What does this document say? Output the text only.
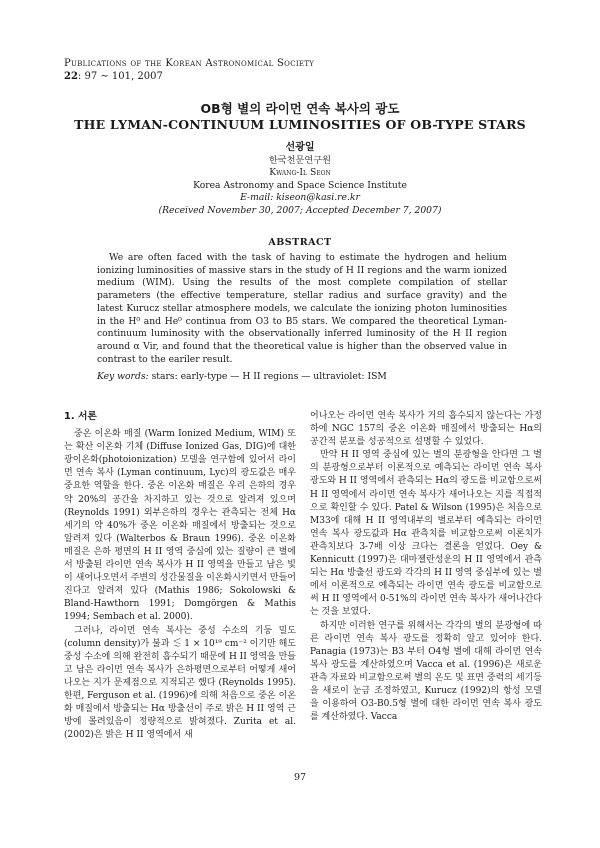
Publications of the Korean Astronomical Society
22: 97 ∼ 101, 2007
OB형 별의 라이먼 연속 복사의 광도
THE LYMAN-CONTINUUM LUMINOSITIES OF OB-TYPE STARS
선광일
한국천문연구원
Kwang-Il Seon
Korea Astronomy and Space Science Institute
E-mail: kiseon@kasi.re.kr
(Received November 30, 2007; Accepted December 7, 2007)
ABSTRACT

We are often faced with the task of having to estimate the hydrogen and helium ionizing luminosities of massive stars in the study of H II regions and the warm ionized medium (WIM). Using the results of the most complete compilation of stellar parameters (the effective temperature, stellar radius and surface gravity) and the latest Kurucz stellar atmosphere models, we calculate the ionizing photon luminosities in the H⁰ and He⁰ continua from O3 to B5 stars. We compared the theoretical Lyman-continuum luminosity with the observationally inferred luminosity of the H II region around α Vir, and found that the theoretical value is higher than the observed value in contrast to the eariler result.

Key words: stars: early-type — H II regions — ultraviolet: ISM
1. 서론

중온 이온화 매질 (Warm Ionized Medium, WIM) 또는 확산 이온화 기체 (Diffuse Ionized Gas, DIG)에 대한 광이온화(photoionization) 모델을 연구함에 있어서 라이먼 연속 복사 (Lyman continuum, Lyc)의 광도값은 매우 중요한 역할을 한다. 중온 이온화 매질은 우리 은하의 경우 약 20%의 공간을 차지하고 있는 것으로 알려져 있으며 (Reynolds 1991) 외부은하의 경우는 관측되는 전체 Hα 세기의 약 40%가 중온 이온화 매질에서 방출되는 것으로 알려져 있다 (Walterbos & Braun 1996). 중온 이온화 매질은 은하 평면의 H II 영역 중심에 있는 질량이 큰 별에서 방출된 라이먼 연속 복사가 H II 영역을 만들고 남은 빛이 새어나오면서 주변의 성간물질을 이온화시키면서 만들어진다고 알려져 있다 (Mathis 1986; Sokolowski & Bland-Hawthorn 1991; Domgörgen & Mathis 1994; Sembach et al. 2000).

그러나, 라이먼 연속 복사는 중성 수소의 기둥 밀도 (column density)가 불과 ≲ 1 × 10¹⁹ cm⁻² 이기만 해도 중성 수소에 의해 완전히 흡수되기 때문에 H II 영역을 만들고 남은 라이먼 연속 복사가 은하평면으로부터 어떻게 새어나오는 지가 문제점으로 지적되곤 했다 (Reynolds 1995). 한편, Ferguson et al. (1996)에 의해 처음으로 중온 이온화 매질에서 방출되는 Hα 방출선이 주로 밝은 H II 영역 근방에 몰려있음이 정량적으로 밝혀졌다. Zurita et al. (2002)은 밝은 H II 영역에서 새

어나오는 라이먼 연속 복사가 거의 흡수되지 않는다는 가정하에 NGC 157의 중온 이온화 매질에서 방출되는 Hα의 공간적 분포를 성공적으로 설명할 수 있었다.

만약 H II 영역 중심에 있는 별의 분광형을 안다면 그 별의 분광형으로부터 이론적으로 예측되는 라이먼 연속 복사 광도와 H II 영역에서 관측되는 Hα의 광도를 비교함으로써 H II 영역에서 라이먼 연속 복사가 새어나오는 지를 직접적으로 확인할 수 있다. Patel & Wilson (1995)은 처음으로 M33에 대해 H II 영역내부의 별로부터 예측되는 라이먼 연속 복사 광도값과 Hα 관측치를 비교함으로써 이론치가 관측치보다 3-7배 이상 크다는 결론을 얻었다. Oey & Kennicutt (1997)은 대마젤란성운의 H II 영역에서 관측되는 Hα 방출선 광도와 각각의 H II 영역 중심부에 있는 별에서 이론적으로 예측되는 라이먼 연속 광도를 비교함으로써 H II 영역에서 0-51%의 라이먼 연속 복사가 새어나간다는 것을 보였다.

하지만 이러한 연구를 위해서는 각각의 별의 분광형에 따른 라이먼 연속 복사 광도를 정확히 알고 있어야 한다. Panagia (1973)는 B3 부터 O4형 별에 대해 라이먼 연속 복사 광도를 계산하였으며 Vacca et al. (1996)은 새로운 관측 자료와 비교함으로써 별의 온도 및 표면 중력의 세기등을 새로이 눈금 조정하였고, Kurucz (1992)의 항성 모델을 이용하여 O3-B0.5형 별에 대한 라이먼 연속 복사 광도를 계산하였다. Vacca

97
